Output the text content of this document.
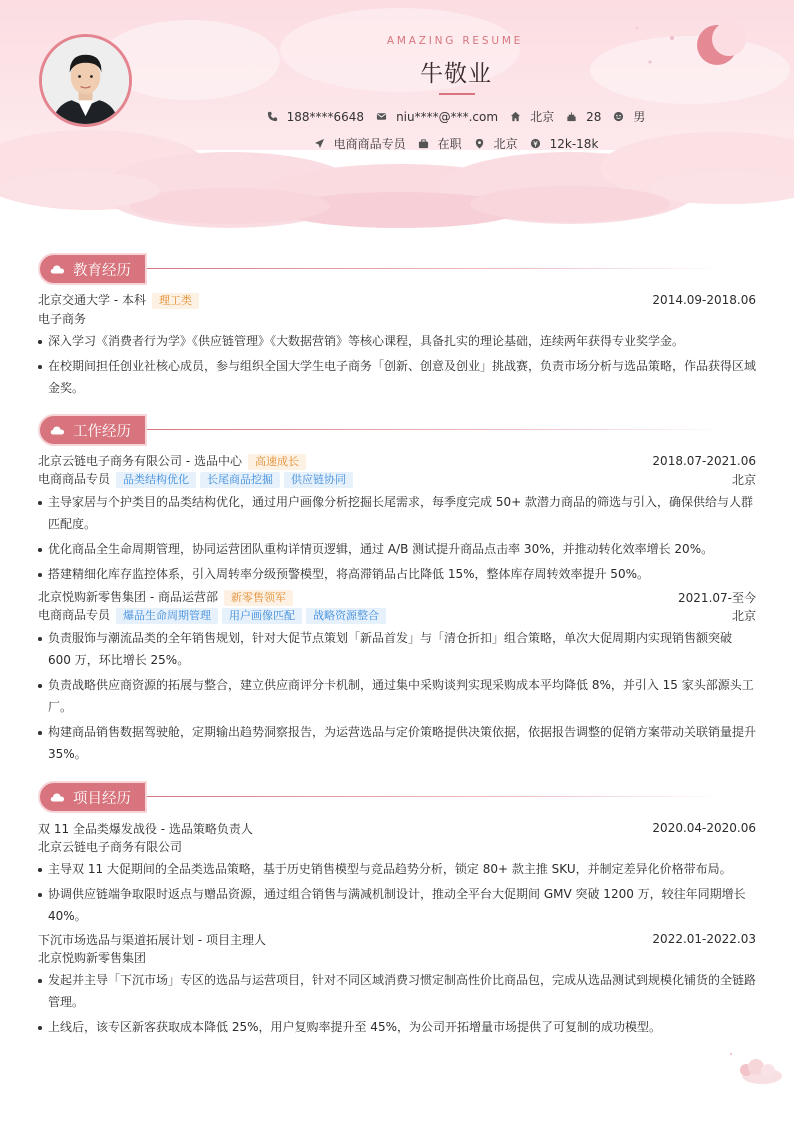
AMAZING RESUME
牛敬业
188****6648	niu****@***.com	北京	28	男
电商商品专员	在职	北京	12k-18k
教育经历
北京交通大学 - 本科 理工类	2014.09-2018.06
电子商务
深入学习《消费者行为学》《供应链管理》《大数据营销》等核心课程，具备扎实的理论基础，连续两年获得专业奖学金。
在校期间担任创业社核心成员，参与组织全国大学生电子商务「创新、创意及创业」挑战赛，负责市场分析与选品策略，作品获得区域金奖。
工作经历
北京云链电子商务有限公司 - 选品中心 高速成长	2018.07-2021.06
电商商品专员 品类结构优化 长尾商品挖掘 供应链协同	北京
主导家居与个护类目的品类结构优化，通过用户画像分析挖掘长尾需求，每季度完成 50+ 款潜力商品的筛选与引入，确保供给与人群匹配度。
优化商品全生命周期管理，协同运营团队重构详情页逻辑，通过 A/B 测试提升商品点击率 30%，并推动转化效率增长 20%。
搭建精细化库存监控体系，引入周转率分级预警模型，将高滞销品占比降低 15%，整体库存周转效率提升 50%。
北京悦购新零售集团 - 商品运营部 新零售领军	2021.07-至今
电商商品专员 爆品生命周期管理 用户画像匹配 战略资源整合	北京
负责服饰与潮流品类的全年销售规划，针对大促节点策划「新品首发」与「清仓折扣」组合策略，单次大促周期内实现销售额突破 600 万，环比增长 25%。
负责战略供应商资源的拓展与整合，建立供应商评分卡机制，通过集中采购谈判实现采购成本平均降低 8%，并引入 15 家头部源头工厂。
构建商品销售数据驾驶舱，定期输出趋势洞察报告，为运营选品与定价策略提供决策依据，依据报告调整的促销方案带动关联销量提升 35%。
项目经历
双 11 全品类爆发战役 - 选品策略负责人	2020.04-2020.06
北京云链电子商务有限公司
主导双 11 大促期间的全品类选品策略，基于历史销售模型与竞品趋势分析，锁定 80+ 款主推 SKU，并制定差异化价格带布局。
协调供应链端争取限时返点与赠品资源，通过组合销售与满减机制设计，推动全平台大促期间 GMV 突破 1200 万，较往年同期增长 40%。
下沉市场选品与渠道拓展计划 - 项目主理人	2022.01-2022.03
北京悦购新零售集团
发起并主导「下沉市场」专区的选品与运营项目，针对不同区域消费习惯定制高性价比商品包，完成从选品测试到规模化铺货的全链路管理。
上线后，该专区新客获取成本降低 25%，用户复购率提升至 45%，为公司开拓增量市场提供了可复制的成功模型。
